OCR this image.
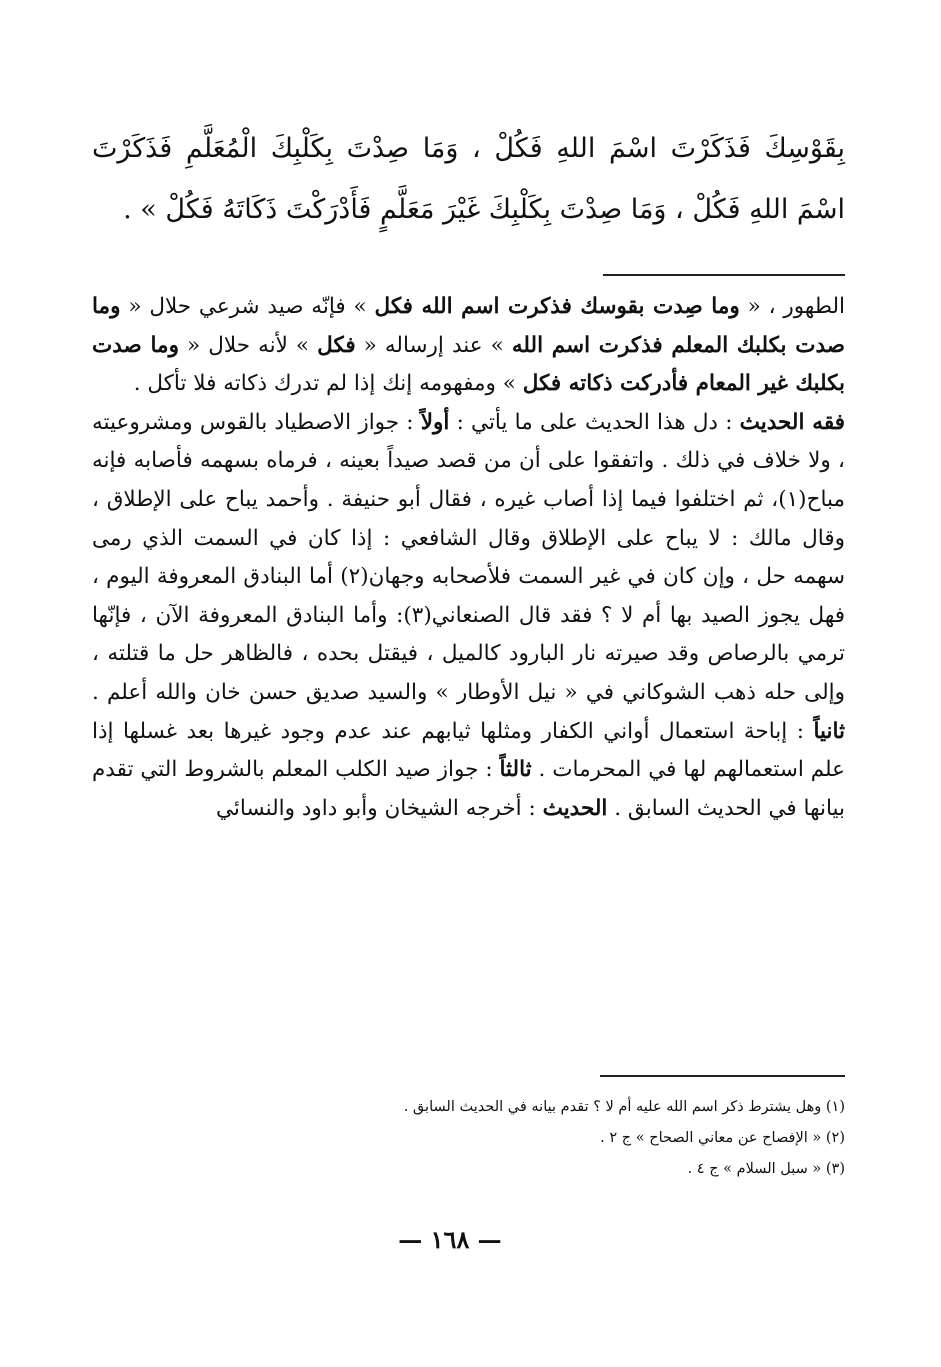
بِقَوْسِكَ فَذَكَرْتَ اسْمَ اللهِ فَكُلْ ، وَمَا صِدْتَ بِكَلْبِكَ الْمُعَلَّمِ فَذَكَرْتَ اسْمَ اللهِ فَكُلْ ، وَمَا صِدْتَ بِكَلْبِكَ غَيْرَ مَعَلَّمٍ فَأَدْرَكْتَ ذَكَاتَهُ فَكُلْ » .

الطهور ، « وما صِدت بقوسك فذكرت اسم الله فكل » فإنّه صيد شرعي حلال « وما صدت بكلبك المعلم فذكرت اسم الله » عند إرساله « فكل » لأنه حلال « وما صدت بكلبك غير المعام فأدركت ذكاته فكل » ومفهومه إنك إذا لم تدرك ذكاته فلا تأكل .

فقه الحديث : دل هذا الحديث على ما يأتي : أولاً : جواز الاصطياد بالقوس ومشروعيته ، ولا خلاف في ذلك . واتفقوا على أن من قصد صيداً بعينه ، فرماه بسهمه فأصابه فإنه مباح(١)، ثم اختلفوا فيما إذا أصاب غيره ، فقال أبو حنيفة . وأحمد يباح على الإطلاق ، وقال مالك : لا يباح على الإطلاق وقال الشافعي : إذا كان في السمت الذي رمى سهمه حل ، وإن كان في غير السمت فلأصحابه وجهان(٢) أما البنادق المعروفة اليوم ، فهل يجوز الصيد بها أم لا ؟ فقد قال الصنعاني(٣): وأما البنادق المعروفة الآن ، فإنّها ترمي بالرصاص وقد صيرته نار البارود كالميل ، فيقتل بحده ، فالظاهر حل ما قتلته ، وإلى حله ذهب الشوكاني في « نيل الأوطار » والسيد صديق حسن خان والله أعلم . ثانياً : إباحة استعمال أواني الكفار ومثلها ثيابهم عند عدم وجود غيرها بعد غسلها إذا علم استعمالهم لها في المحرمات . ثالثاً : جواز صيد الكلب المعلم بالشروط التي تقدم بيانها في الحديث السابق . الحديث : أخرجه الشيخان وأبو داود والنسائي

(١) وهل يشترط ذكر اسم الله عليه أم لا ؟ تقدم بيانه في الحديث السابق .

(٢) « الإفصاح عن معاني الصحاح » ج ٢ .

(٣) « سبل السلام » ج ٤ .

— ١٦٨ —
